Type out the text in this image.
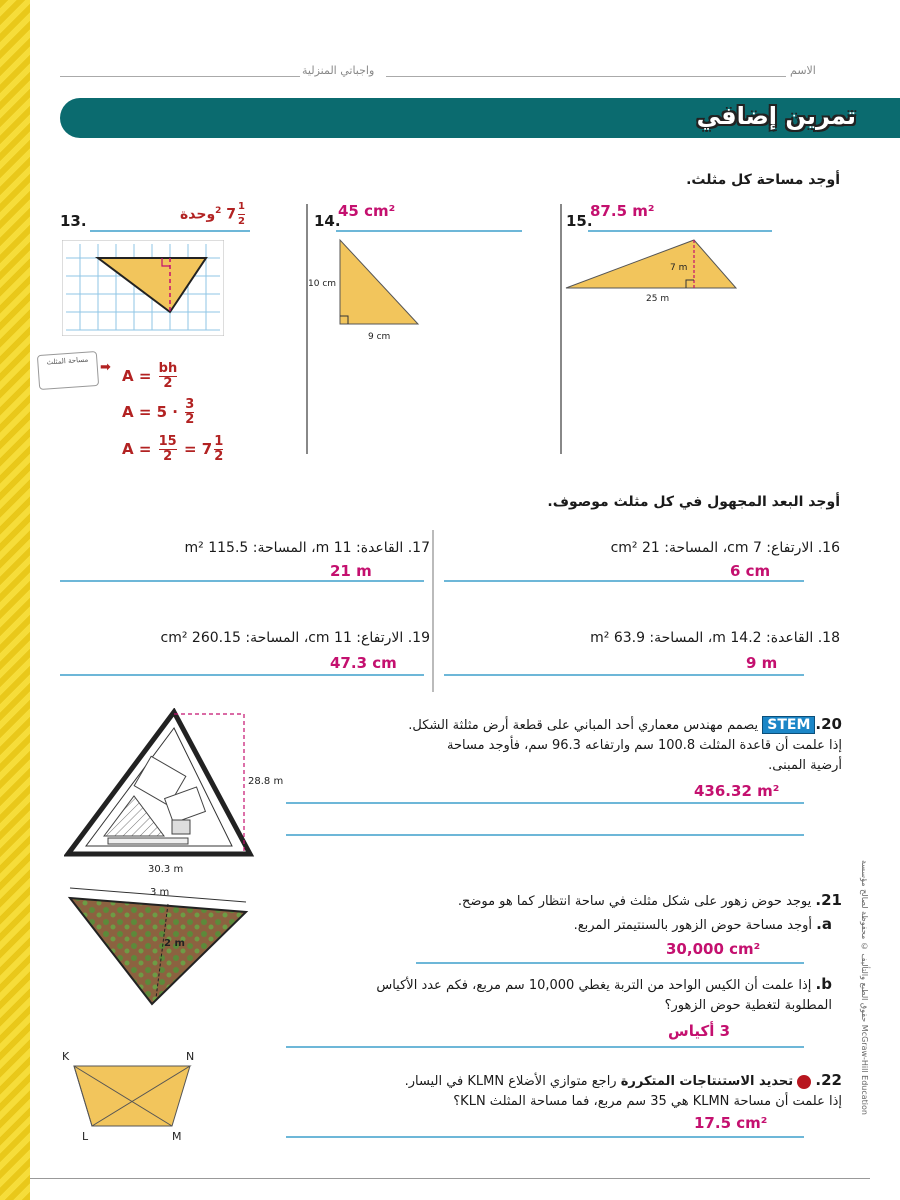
واجباتي المنزلية	الاسم
تمرين إضافي
أوجد مساحة كل مثلث.
13.	$\frac{1}{2}$
7 $^2$وحدة
مساحة المثلث ➡ $A = \frac{bh}{2}$
$A = 5 \cdot \frac{3}{2}$
$A = \frac{15}{2} = 7 \frac{1}{2}$
14.
45 cm²
10 cm
9 cm
15.
87.5 m²
7 m
25 m
أوجد البعد المجهول في كل مثلث موصوف.
17. القاعدة: 11 m، المساحة: 115.5 m²
21 m
16. الارتفاع: 7 cm، المساحة: 21 cm²
6 cm
19. الارتفاع: 11 cm، المساحة: 260.15 cm²
47.3 cm
18. القاعدة: 14.2 m، المساحة: 63.9 m²
9 m
28.8 m
30.3 m
20.STEM يصمم مهندس معماري أحد المباني على قطعة أرض مثلثة الشكل.
إذا علمت أن قاعدة المثلث 100.8 سم وارتفاعه 96.3 سم، فأوجد مساحة
أرضية المبنى.
436.32 m²
3 m
2 m
21. يوجد حوض زهور على شكل مثلث في ساحة انتظار كما هو موضح.
a. أوجد مساحة حوض الزهور بالسنتيمتر المربع.
30,000 cm²
b. إذا علمت أن الكيس الواحد من التربة يغطي 10,000 سم مربع، فكم عدد الأكياس
المطلوبة لتغطية حوض الزهور؟
3 أكياس
K	N
L	M
22.  تحديد الاستنتاجات المتكررة راجع متوازي الأضلاع KLMN في اليسار.
إذا علمت أن مساحة KLMN هي 35 سم مربع، فما مساحة المثلث KLN؟
17.5 cm²
حقوق الطبع والتأليف © محفوظة لصالح مؤسسة McGraw-Hill Education
